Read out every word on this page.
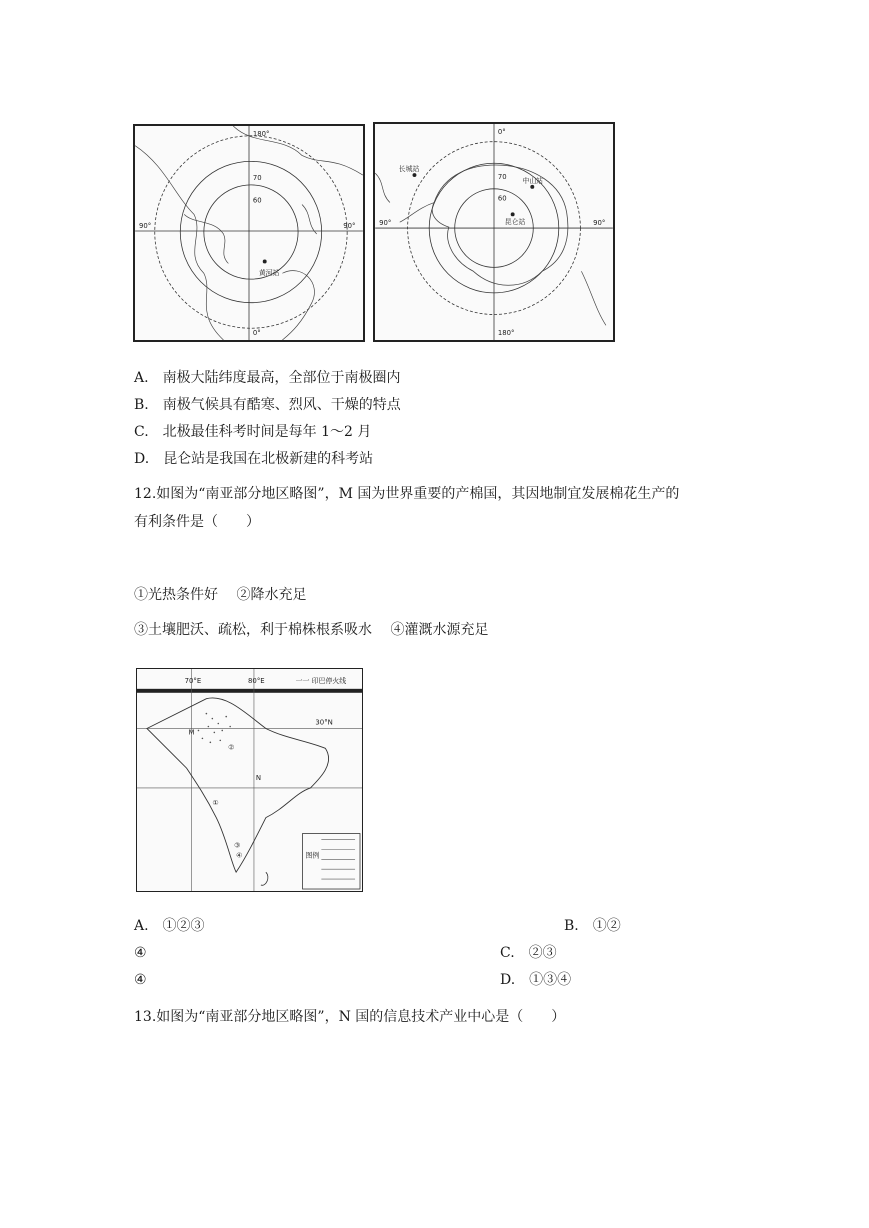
180°
70
60
90°	90°
0°
黄河站
0°
70
60
90°	90°
180°
长城站
中山站
昆仑站
A. 南极大陆纬度最高，全部位于南极圈内
B. 南极气候具有酷寒、烈风、干燥的特点
C. 北极最佳科考时间是每年 1～2 月
D. 昆仑站是我国在北极新建的科考站
12.如图为“南亚部分地区略图”，M 国为世界重要的产棉国，其因地制宜发展棉花生产的
有利条件是（　　）
①光热条件好　 ②降水充足
③土壤肥沃、疏松，利于棉株根系吸水　 ④灌溉水源充足
70°E	80°E
30°N
一一 印巴停火线
M
N
①
②
③
④	图例
A.　①②③	B.　①②
④	C.　②③
④	D.　①③④
13.如图为“南亚部分地区略图”，N 国的信息技术产业中心是（　　）
